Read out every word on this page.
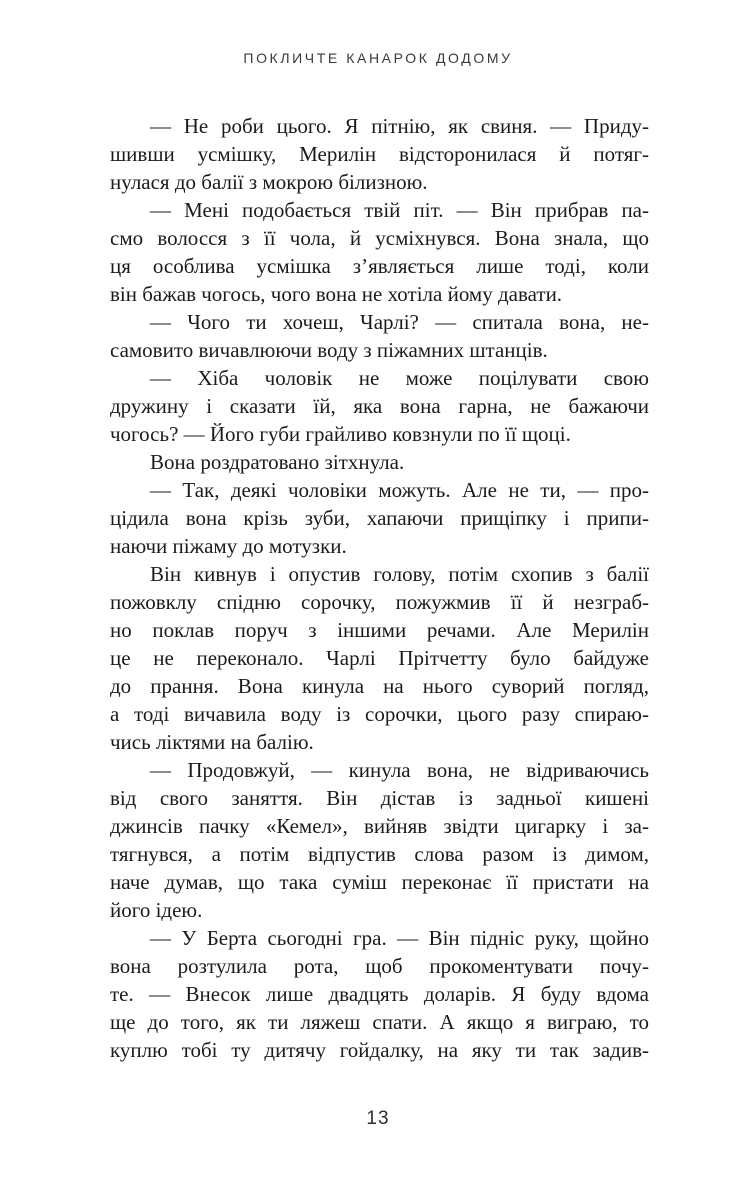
ПОКЛИЧТЕ КАНАРОК ДОДОМУ
— Не роби цього. Я пітнію, як свиня. — Приду-
шивши усмішку, Мерилін відсторонилася й потяг-
нулася до балії з мокрою білизною.
— Мені подобається твій піт. — Він прибрав па-
смо волосся з її чола, й усміхнувся. Вона знала, що
ця особлива усмішка з’являється лише тоді, коли
він бажав чогось, чого вона не хотіла йому давати.
— Чого ти хочеш, Чарлі? — спитала вона, не-
самовито вичавлюючи воду з піжамних штанців.
— Хіба чоловік не може поцілувати свою
дружину і сказати їй, яка вона гарна, не бажаючи
чогось? — Його губи грайливо ковзнули по її щоці.
Вона роздратовано зітхнула.
— Так, деякі чоловіки можуть. Але не ти, — про-
цідила вона крізь зуби, хапаючи прищіпку і припи-
наючи піжаму до мотузки.
Він кивнув і опустив голову, потім схопив з балії
пожовклу спідню сорочку, пожужмив її й незграб-
но поклав поруч з іншими речами. Але Мерилін
це не переконало. Чарлі Прітчетту було байдуже
до прання. Вона кинула на нього суворий погляд,
а тоді вичавила воду із сорочки, цього разу спираю-
чись ліктями на балію.
— Продовжуй, — кинула вона, не відриваючись
від свого заняття. Він дістав із задньої кишені
джинсів пачку «Кемел», вийняв звідти цигарку і за-
тягнувся, а потім відпустив слова разом із димом,
наче думав, що така суміш переконає її пристати на
його ідею.
— У Берта сьогодні гра. — Він підніс руку, щойно
вона розтулила рота, щоб прокоментувати почу-
те. — Внесок лише двадцять доларів. Я буду вдома
ще до того, як ти ляжеш спати. А якщо я виграю, то
куплю тобі ту дитячу гойдалку, на яку ти так задив-
13
